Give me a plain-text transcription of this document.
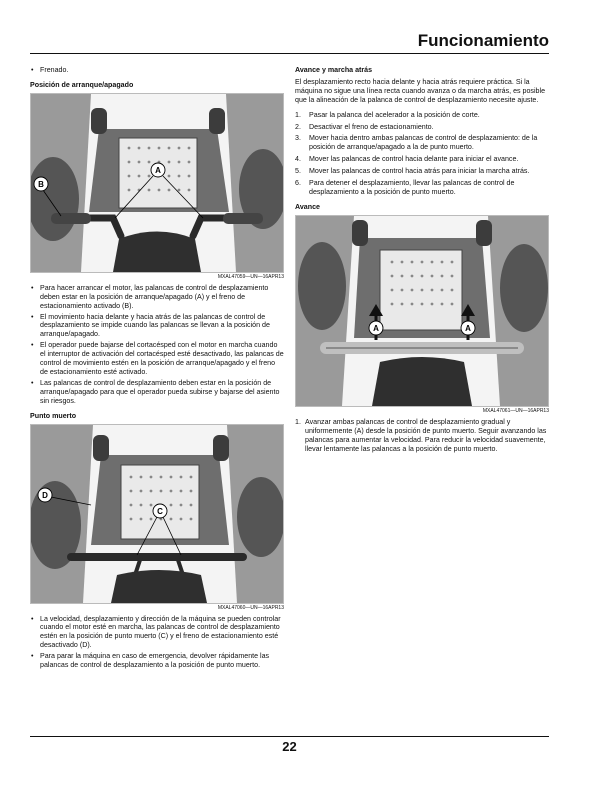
Funcionamiento
• Frenado.
Posición de arranque/apagado
B
A
MXAL47059—UN—16APR13
• Para hacer arrancar el motor, las palancas de control de desplazamiento deben estar en la posición de arranque/apagado (A) y el freno de estacionamiento activado (B).
• El movimiento hacia delante y hacia atrás de las palancas de control de desplazamiento se impide cuando las palancas se llevan a la posición de arranque/apagado.
• El operador puede bajarse del cortacésped con el motor en marcha cuando el interruptor de activación del cortacésped esté desactivado, las palancas de control de movimiento estén en la posición de arranque/apagado y el freno de estacionamiento esté activado.
• Las palancas de control de desplazamiento deben estar en la posición de arranque/apagado para que el operador pueda subirse y bajarse del asiento sin riesgos.
Punto muerto
D
C
MXAL47060—UN—16APR13
• La velocidad, desplazamiento y dirección de la máquina se pueden controlar cuando el motor esté en marcha, las palancas de control de desplazamiento estén en la posición de punto muerto (C) y el freno de estacionamiento esté desactivado (D).
• Para parar la máquina en caso de emergencia, devolver rápidamente las palancas de control de desplazamiento a la posición de punto muerto.
Avance y marcha atrás

El desplazamiento recto hacia delante y hacia atrás requiere práctica. Si la máquina no sigue una línea recta cuando avanza o da marcha atrás, es posible que la alineación de la palanca de control de desplazamiento necesite ajuste.

1. Pasar la palanca del acelerador a la posición de corte.
2. Desactivar el freno de estacionamiento.
3. Mover hacia dentro ambas palancas de control de desplazamiento: de la posición de arranque/apagado a la de punto muerto.
4. Mover las palancas de control hacia delante para iniciar el avance.
5. Mover las palancas de control hacia atrás para iniciar la marcha atrás.
6. Para detener el desplazamiento, llevar las palancas de control de desplazamiento a la posición de punto muerto.
Avance
A	A
MXAL47061—UN—16APR13
1. Avanzar ambas palancas de control de desplazamiento gradual y uniformemente (A) desde la posición de punto muerto. Seguir avanzando las palancas para aumentar la velocidad. Para reducir la velocidad suavemente, llevar lentamente las palancas a la posición de punto muerto.
22
